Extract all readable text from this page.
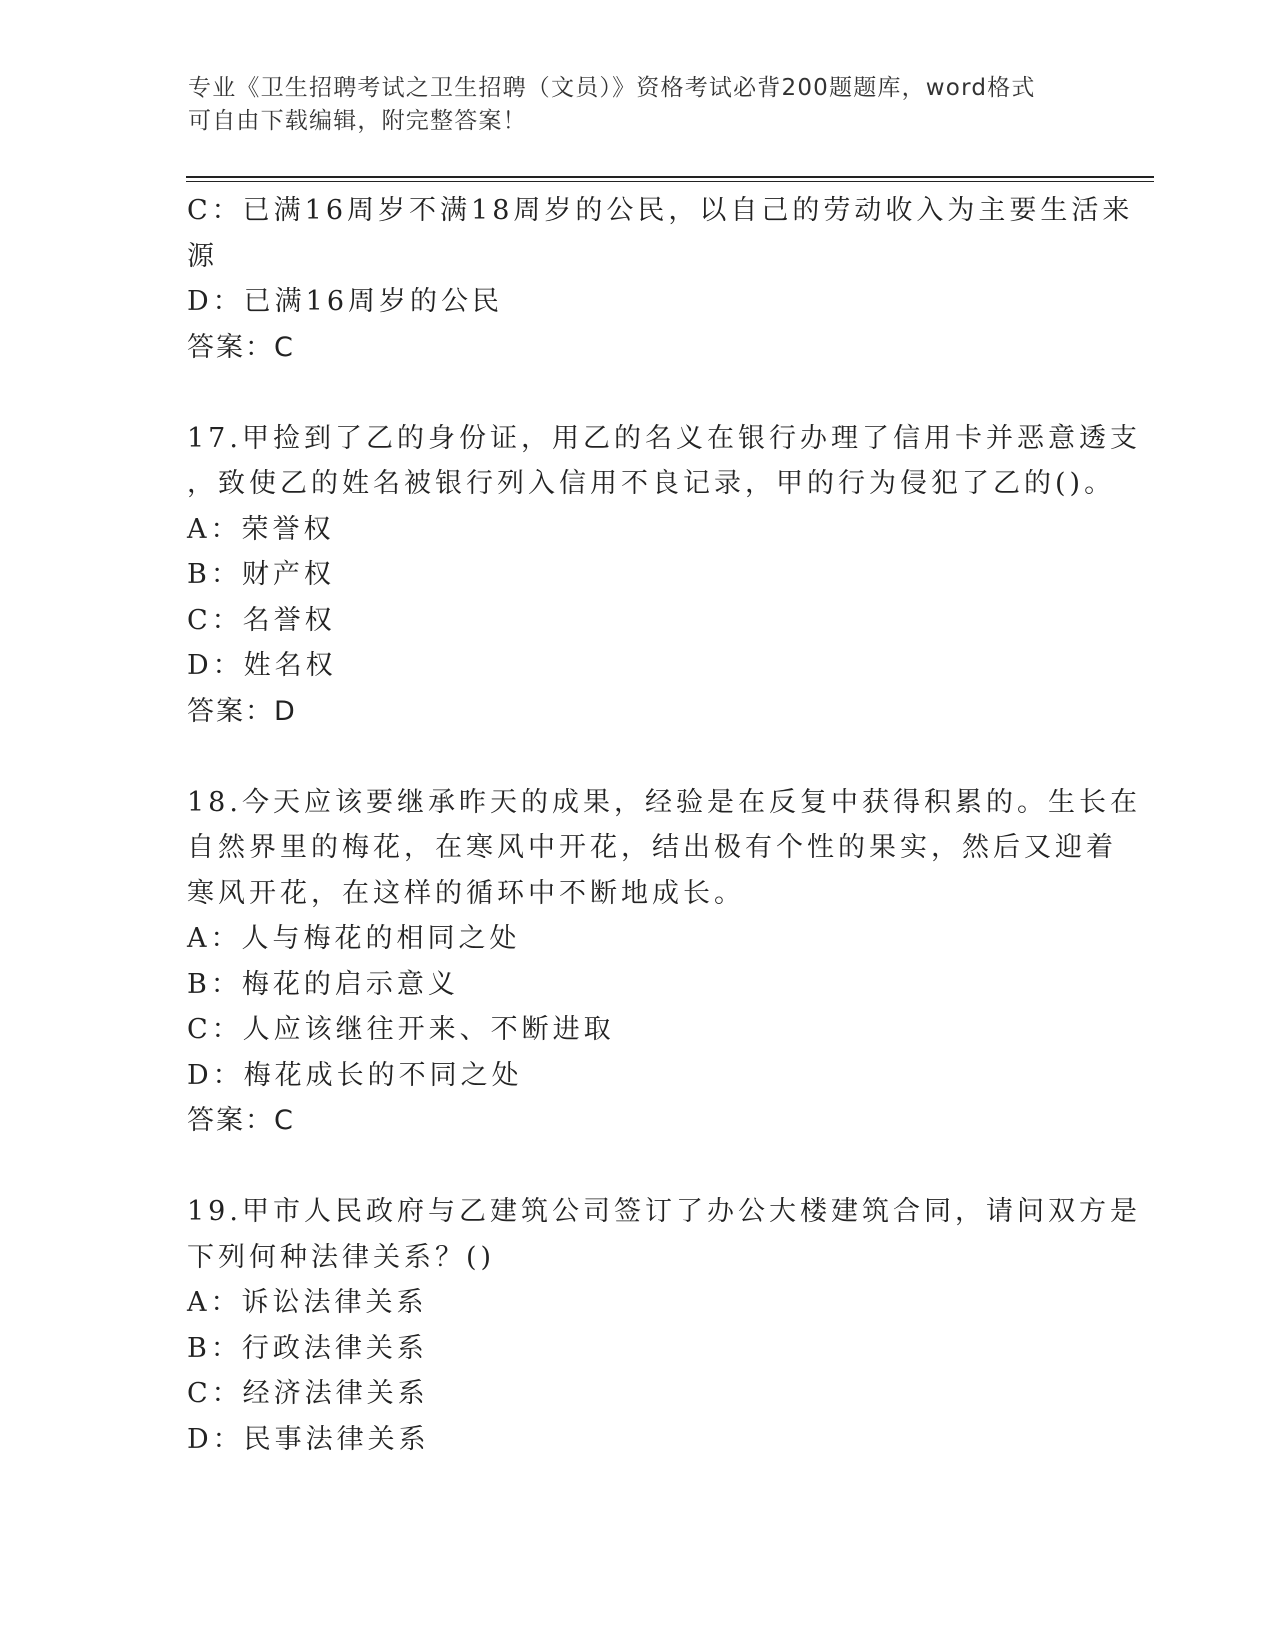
专业《卫生招聘考试之卫生招聘（文员）》资格考试必背200题题库，word格式
可自由下载编辑，附完整答案！
C：已满16周岁不满18周岁的公民，以自己的劳动收入为主要生活来
源
D：已满16周岁的公民
答案：C
17.甲捡到了乙的身份证，用乙的名义在银行办理了信用卡并恶意透支
，致使乙的姓名被银行列入信用不良记录，甲的行为侵犯了乙的()。
A：荣誉权
B：财产权
C：名誉权
D：姓名权
答案：D
18.今天应该要继承昨天的成果，经验是在反复中获得积累的。生长在
自然界里的梅花，在寒风中开花，结出极有个性的果实，然后又迎着
寒风开花，在这样的循环中不断地成长。
A：人与梅花的相同之处
B：梅花的启示意义
C：人应该继往开来、不断进取
D：梅花成长的不同之处
答案：C
19.甲市人民政府与乙建筑公司签订了办公大楼建筑合同，请问双方是
下列何种法律关系？()
A：诉讼法律关系
B：行政法律关系
C：经济法律关系
D：民事法律关系
